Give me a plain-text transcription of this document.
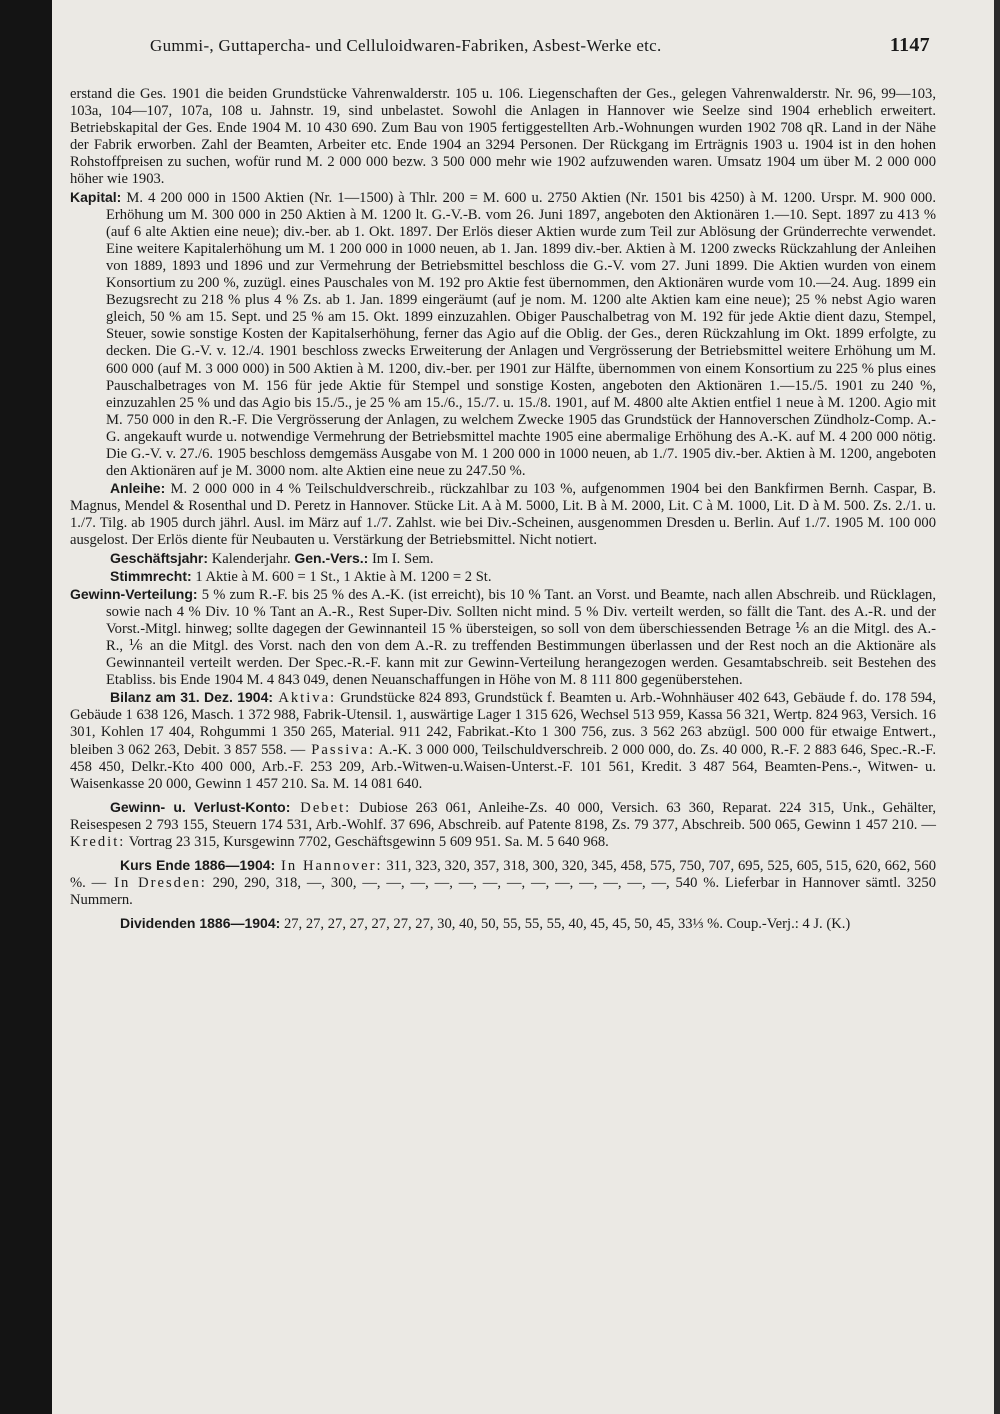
Gummi-, Guttapercha- und Celluloidwaren-Fabriken, Asbest-Werke etc.	1147

erstand die Ges. 1901 die beiden Grundstücke Vahrenwalderstr. 105 u. 106. Liegenschaften der Ges., gelegen Vahrenwalderstr. Nr. 96, 99—103, 103a, 104—107, 107a, 108 u. Jahnstr. 19, sind unbelastet. Sowohl die Anlagen in Hannover wie Seelze sind 1904 erheblich erweitert. Betriebskapital der Ges. Ende 1904 M. 10 430 690. Zum Bau von 1905 fertiggestellten Arb.-Wohnungen wurden 1902 708 qR. Land in der Nähe der Fabrik erworben. Zahl der Beamten, Arbeiter etc. Ende 1904 an 3294 Personen. Der Rückgang im Erträgnis 1903 u. 1904 ist in den hohen Rohstoffpreisen zu suchen, wofür rund M. 2 000 000 bezw. 3 500 000 mehr wie 1902 aufzuwenden waren. Umsatz 1904 um über M. 2 000 000 höher wie 1903.

Kapital: M. 4 200 000 in 1500 Aktien (Nr. 1—1500) à Thlr. 200 = M. 600 u. 2750 Aktien (Nr. 1501 bis 4250) à M. 1200. Urspr. M. 900 000. Erhöhung um M. 300 000 in 250 Aktien à M. 1200 lt. G.-V.-B. vom 26. Juni 1897, angeboten den Aktionären 1.—10. Sept. 1897 zu 413 % (auf 6 alte Aktien eine neue); div.-ber. ab 1. Okt. 1897. Der Erlös dieser Aktien wurde zum Teil zur Ablösung der Gründerrechte verwendet. Eine weitere Kapitalerhöhung um M. 1 200 000 in 1000 neuen, ab 1. Jan. 1899 div.-ber. Aktien à M. 1200 zwecks Rückzahlung der Anleihen von 1889, 1893 und 1896 und zur Vermehrung der Betriebsmittel beschloss die G.-V. vom 27. Juni 1899. Die Aktien wurden von einem Konsortium zu 200 %, zuzügl. eines Pauschales von M. 192 pro Aktie fest übernommen, den Aktionären wurde vom 10.—24. Aug. 1899 ein Bezugsrecht zu 218 % plus 4 % Zs. ab 1. Jan. 1899 eingeräumt (auf je nom. M. 1200 alte Aktien kam eine neue); 25 % nebst Agio waren gleich, 50 % am 15. Sept. und 25 % am 15. Okt. 1899 einzuzahlen. Obiger Pauschalbetrag von M. 192 für jede Aktie dient dazu, Stempel, Steuer, sowie sonstige Kosten der Kapitalserhöhung, ferner das Agio auf die Oblig. der Ges., deren Rückzahlung im Okt. 1899 erfolgte, zu decken. Die G.-V. v. 12./4. 1901 beschloss zwecks Erweiterung der Anlagen und Vergrösserung der Betriebsmittel weitere Erhöhung um M. 600 000 (auf M. 3 000 000) in 500 Aktien à M. 1200, div.-ber. per 1901 zur Hälfte, übernommen von einem Konsortium zu 225 % plus eines Pauschalbetrages von M. 156 für jede Aktie für Stempel und sonstige Kosten, angeboten den Aktionären 1.—15./5. 1901 zu 240 %, einzuzahlen 25 % und das Agio bis 15./5., je 25 % am 15./6., 15./7. u. 15./8. 1901, auf M. 4800 alte Aktien entfiel 1 neue à M. 1200. Agio mit M. 750 000 in den R.-F. Die Vergrösserung der Anlagen, zu welchem Zwecke 1905 das Grundstück der Hannoverschen Zündholz-Comp. A.-G. angekauft wurde u. notwendige Vermehrung der Betriebsmittel machte 1905 eine abermalige Erhöhung des A.-K. auf M. 4 200 000 nötig. Die G.-V. v. 27./6. 1905 beschloss demgemäss Ausgabe von M. 1 200 000 in 1000 neuen, ab 1./7. 1905 div.-ber. Aktien à M. 1200, angeboten den Aktionären auf je M. 3000 nom. alte Aktien eine neue zu 247.50 %.

Anleihe: M. 2 000 000 in 4 % Teilschuldverschreib., rückzahlbar zu 103 %, aufgenommen 1904 bei den Bankfirmen Bernh. Caspar, B. Magnus, Mendel & Rosenthal und D. Peretz in Hannover. Stücke Lit. A à M. 5000, Lit. B à M. 2000, Lit. C à M. 1000, Lit. D à M. 500. Zs. 2./1. u. 1./7. Tilg. ab 1905 durch jährl. Ausl. im März auf 1./7. Zahlst. wie bei Div.-Scheinen, ausgenommen Dresden u. Berlin. Auf 1./7. 1905 M. 100 000 ausgelost. Der Erlös diente für Neubauten u. Verstärkung der Betriebsmittel. Nicht notiert.

Geschäftsjahr: Kalenderjahr. Gen.-Vers.: Im I. Sem.

Stimmrecht: 1 Aktie à M. 600 = 1 St., 1 Aktie à M. 1200 = 2 St.

Gewinn-Verteilung: 5 % zum R.-F. bis 25 % des A.-K. (ist erreicht), bis 10 % Tant. an Vorst. und Beamte, nach allen Abschreib. und Rücklagen, sowie nach 4 % Div. 10 % Tant an A.-R., Rest Super-Div. Sollten nicht mind. 5 % Div. verteilt werden, so fällt die Tant. des A.-R. und der Vorst.-Mitgl. hinweg; sollte dagegen der Gewinnanteil 15 % übersteigen, so soll von dem überschiessenden Betrage ⅙ an die Mitgl. des A.-R., ⅙ an die Mitgl. des Vorst. nach den von dem A.-R. zu treffenden Bestimmungen überlassen und der Rest noch an die Aktionäre als Gewinnanteil verteilt werden. Der Spec.-R.-F. kann mit zur Gewinn-Verteilung herangezogen werden. Gesamtabschreib. seit Bestehen des Etabliss. bis Ende 1904 M. 4 843 049, denen Neuanschaffungen in Höhe von M. 8 111 800 gegenüberstehen.

Bilanz am 31. Dez. 1904: Aktiva: Grundstücke 824 893, Grundstück f. Beamten u. Arb.-Wohnhäuser 402 643, Gebäude f. do. 178 594, Gebäude 1 638 126, Masch. 1 372 988, Fabrik-Utensil. 1, auswärtige Lager 1 315 626, Wechsel 513 959, Kassa 56 321, Wertp. 824 963, Versich. 16 301, Kohlen 17 404, Rohgummi 1 350 265, Material. 911 242, Fabrikat.-Kto 1 300 756, zus. 3 562 263 abzügl. 500 000 für etwaige Entwert., bleiben 3 062 263, Debit. 3 857 558. — Passiva: A.-K. 3 000 000, Teilschuldverschreib. 2 000 000, do. Zs. 40 000, R.-F. 2 883 646, Spec.-R.-F. 458 450, Delkr.-Kto 400 000, Arb.-F. 253 209, Arb.-Witwen-u.Waisen-Unterst.-F. 101 561, Kredit. 3 487 564, Beamten-Pens.-, Witwen- u. Waisenkasse 20 000, Gewinn 1 457 210. Sa. M. 14 081 640.

Gewinn- u. Verlust-Konto: Debet: Dubiose 263 061, Anleihe-Zs. 40 000, Versich. 63 360, Reparat. 224 315, Unk., Gehälter, Reisespesen 2 793 155, Steuern 174 531, Arb.-Wohlf. 37 696, Abschreib. auf Patente 8198, Zs. 79 377, Abschreib. 500 065, Gewinn 1 457 210. — Kredit: Vortrag 23 315, Kursgewinn 7702, Geschäftsgewinn 5 609 951. Sa. M. 5 640 968.

Kurs Ende 1886—1904: In Hannover: 311, 323, 320, 357, 318, 300, 320, 345, 458, 575, 750, 707, 695, 525, 605, 515, 620, 662, 560 %. — In Dresden: 290, 290, 318, —, 300, —, —, —, —, —, —, —, —, —, —, —, —, —, 540 %. Lieferbar in Hannover sämtl. 3250 Nummern.

Dividenden 1886—1904: 27, 27, 27, 27, 27, 27, 27, 30, 40, 50, 55, 55, 55, 40, 45, 45, 50, 45, 33⅓ %. Coup.-Verj.: 4 J. (K.)
